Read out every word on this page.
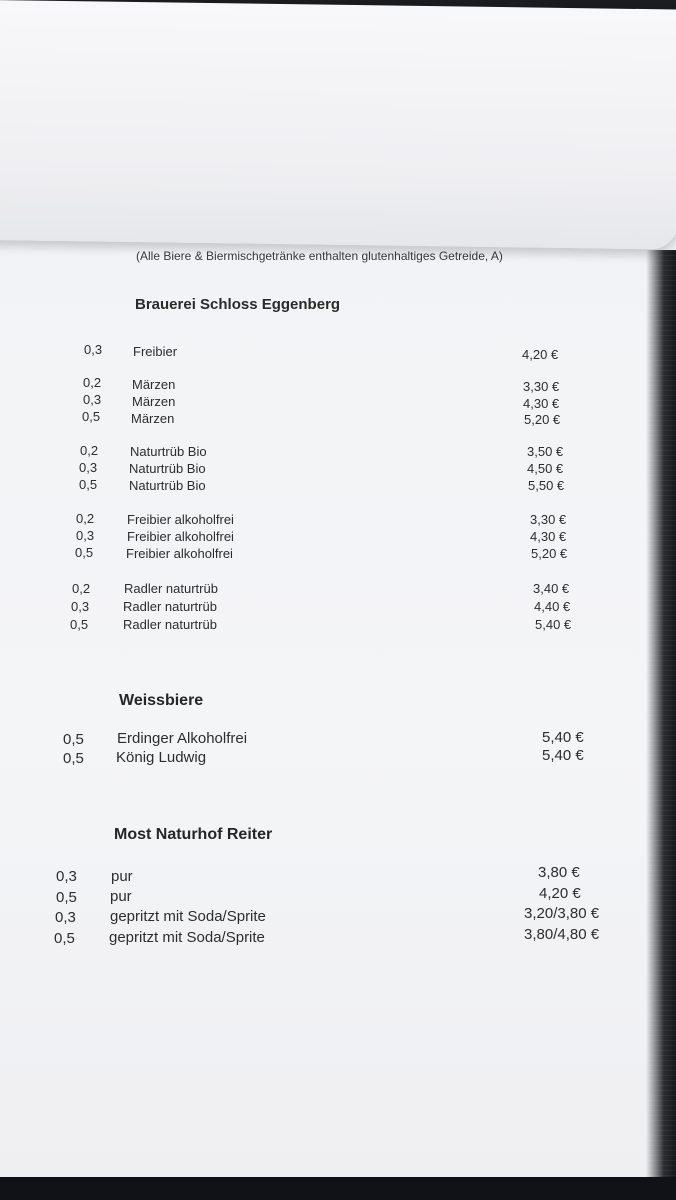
(Alle Biere & Biermischgetränke enthalten glutenhaltiges Getreide, A)
Brauerei Schloss Eggenberg
0,3 Freibier	4,20 €
0,2 Märzen	3,30 €
0,3 Märzen	4,30 €
0,5 Märzen	5,20 €
0,2 Naturtrüb Bio	3,50 €
0,3 Naturtrüb Bio	4,50 €
0,5 Naturtrüb Bio	5,50 €
0,2	Freibier alkoholfrei	3,30 €
0,3	Freibier alkoholfrei	4,30 €
0,5	Freibier alkoholfrei	5,20 €
0,2	Radler naturtrüb	3,40 €
0,3	Radler naturtrüb	4,40 €
0,5	Radler naturtrüb	5,40 €
Weissbiere
0,5 Erdinger Alkoholfrei	5,40 €
0,5 König Ludwig	5,40 €
Most Naturhof Reiter
0,3 pur	3,80 €
0,5 pur	4,20 €
0,3 gepritzt mit Soda/Sprite	3,20/3,80 €
0,5 gepritzt mit Soda/Sprite	3,80/4,80 €
